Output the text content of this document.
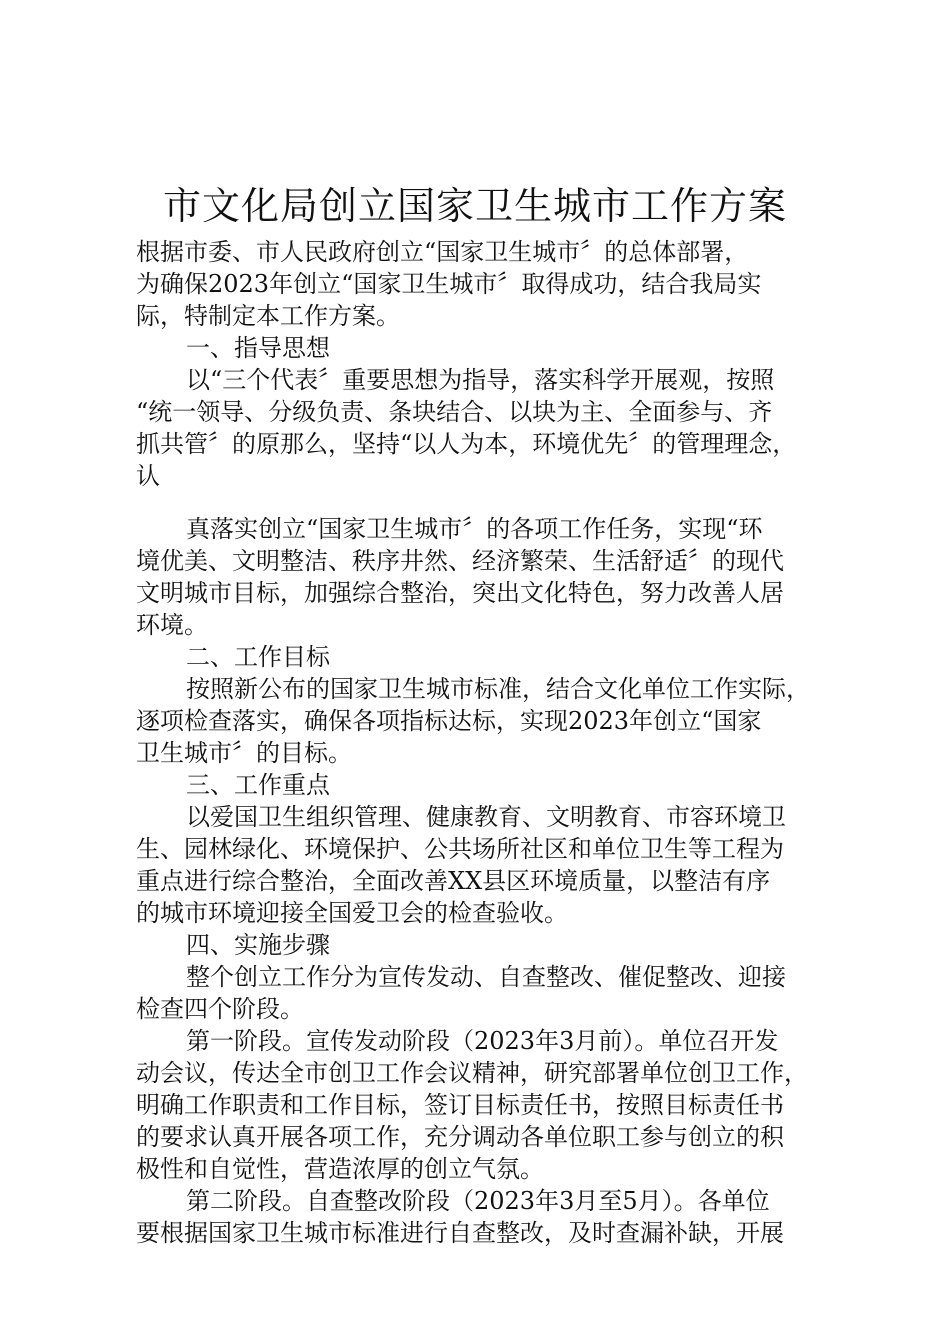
市文化局创立国家卫生城市工作方案
根据市委、市人民政府创立“国家卫生城市〞的总体部署，
为确保2023年创立“国家卫生城市〞取得成功，结合我局实
际，特制定本工作方案。
一、指导思想
以“三个代表〞重要思想为指导，落实科学开展观，按照
“统一领导、分级负责、条块结合、以块为主、全面参与、齐
抓共管〞的原那么，坚持“以人为本，环境优先〞的管理理念，
认
真落实创立“国家卫生城市〞的各项工作任务，实现“环
境优美、文明整洁、秩序井然、经济繁荣、生活舒适〞的现代
文明城市目标，加强综合整治，突出文化特色，努力改善人居
环境。
二、工作目标
按照新公布的国家卫生城市标准，结合文化单位工作实际，
逐项检查落实，确保各项指标达标，实现2023年创立“国家
卫生城市〞的目标。
三、工作重点
以爱国卫生组织管理、健康教育、文明教育、市容环境卫
生、园林绿化、环境保护、公共场所社区和单位卫生等工程为
重点进行综合整治，全面改善XX县区环境质量，以整洁有序
的城市环境迎接全国爱卫会的检查验收。
四、实施步骤
整个创立工作分为宣传发动、自查整改、催促整改、迎接
检查四个阶段。
第一阶段。宣传发动阶段（2023年3月前）。单位召开发
动会议，传达全市创卫工作会议精神，研究部署单位创卫工作，
明确工作职责和工作目标，签订目标责任书，按照目标责任书
的要求认真开展各项工作，充分调动各单位职工参与创立的积
极性和自觉性，营造浓厚的创立气氛。
第二阶段。自查整改阶段（2023年3月至5月）。各单位
要根据国家卫生城市标准进行自查整改，及时查漏补缺，开展
